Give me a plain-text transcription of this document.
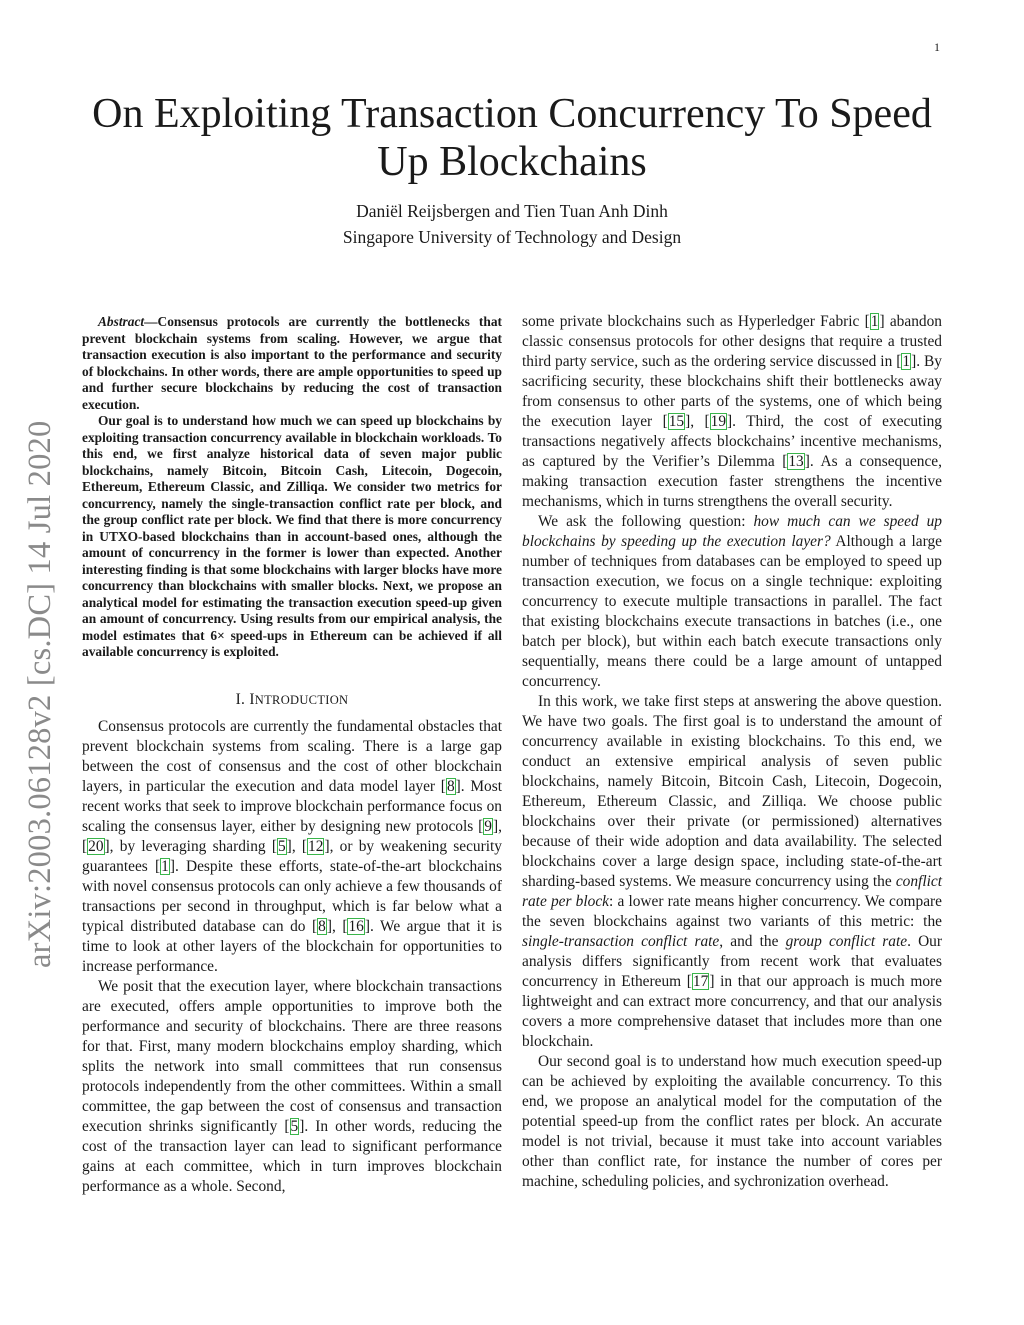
1
arXiv:2003.06128v2 [cs.DC] 14 Jul 2020
On Exploiting Transaction Concurrency To Speed
Up Blockchains
Daniël Reijsbergen and Tien Tuan Anh Dinh
Singapore University of Technology and Design

Abstract—Consensus protocols are currently the bottlenecks that prevent blockchain systems from scaling. However, we argue that transaction execution is also important to the performance and security of blockchains. In other words, there are ample opportunities to speed up and further secure blockchains by reducing the cost of transaction execution.

Our goal is to understand how much we can speed up blockchains by exploiting transaction concurrency available in blockchain workloads. To this end, we first analyze historical data of seven major public blockchains, namely Bitcoin, Bitcoin Cash, Litecoin, Dogecoin, Ethereum, Ethereum Classic, and Zilliqa. We consider two metrics for concurrency, namely the single-transaction conflict rate per block, and the group conflict rate per block. We find that there is more concurrency in UTXO-based blockchains than in account-based ones, although the amount of concurrency in the former is lower than expected. Another interesting finding is that some blockchains with larger blocks have more concurrency than blockchains with smaller blocks. Next, we propose an analytical model for estimating the transaction execution speed-up given an amount of concurrency. Using results from our empirical analysis, the model estimates that 6× speed-ups in Ethereum can be achieved if all available concurrency is exploited.

I. INTRODUCTION

Consensus protocols are currently the fundamental obstacles that prevent blockchain systems from scaling. There is a large gap between the cost of consensus and the cost of other blockchain layers, in particular the execution and data model layer [8]. Most recent works that seek to improve blockchain performance focus on scaling the consensus layer, either by designing new protocols [9], [20], by leveraging sharding [5], [12], or by weakening security guarantees [1]. Despite these efforts, state-of-the-art blockchains with novel consensus protocols can only achieve a few thousands of transactions per second in throughput, which is far below what a typical distributed database can do [8], [16]. We argue that it is time to look at other layers of the blockchain for opportunities to increase performance.

We posit that the execution layer, where blockchain transactions are executed, offers ample opportunities to improve both the performance and security of blockchains. There are three reasons for that. First, many modern blockchains employ sharding, which splits the network into small committees that run consensus protocols independently from the other committees. Within a small committee, the gap between the cost of consensus and transaction execution shrinks significantly [5]. In other words, reducing the cost of the transaction layer can lead to significant performance gains at each committee, which in turn improves blockchain performance as a whole. Second,

some private blockchains such as Hyperledger Fabric [1] abandon classic consensus protocols for other designs that require a trusted third party service, such as the ordering service discussed in [1]. By sacrificing security, these blockchains shift their bottlenecks away from consensus to other parts of the systems, one of which being the execution layer [15], [19]. Third, the cost of executing transactions negatively affects blockchains’ incentive mechanisms, as captured by the Verifier’s Dilemma [13]. As a consequence, making transaction execution faster strengthens the incentive mechanisms, which in turns strengthens the overall security.

We ask the following question: how much can we speed up blockchains by speeding up the execution layer? Although a large number of techniques from databases can be employed to speed up transaction execution, we focus on a single technique: exploiting concurrency to execute multiple transactions in parallel. The fact that existing blockchains execute transactions in batches (i.e., one batch per block), but within each batch execute transactions only sequentially, means there could be a large amount of untapped concurrency.

In this work, we take first steps at answering the above question. We have two goals. The first goal is to understand the amount of concurrency available in existing blockchains. To this end, we conduct an extensive empirical analysis of seven public blockchains, namely Bitcoin, Bitcoin Cash, Litecoin, Dogecoin, Ethereum, Ethereum Classic, and Zilliqa. We choose public blockchains over their private (or permissioned) alternatives because of their wide adoption and data availability. The selected blockchains cover a large design space, including state-of-the-art sharding-based systems. We measure concurrency using the conflict rate per block: a lower rate means higher concurrency. We compare the seven blockchains against two variants of this metric: the single-transaction conflict rate, and the group conflict rate. Our analysis differs significantly from recent work that evaluates concurrency in Ethereum [17] in that our approach is much more lightweight and can extract more concurrency, and that our analysis covers a more comprehensive dataset that includes more than one blockchain.

Our second goal is to understand how much execution speed-up can be achieved by exploiting the available concurrency. To this end, we propose an analytical model for the computation of the potential speed-up from the conflict rates per block. An accurate model is not trivial, because it must take into account variables other than conflict rate, for instance the number of cores per machine, scheduling policies, and sychronization overhead.
